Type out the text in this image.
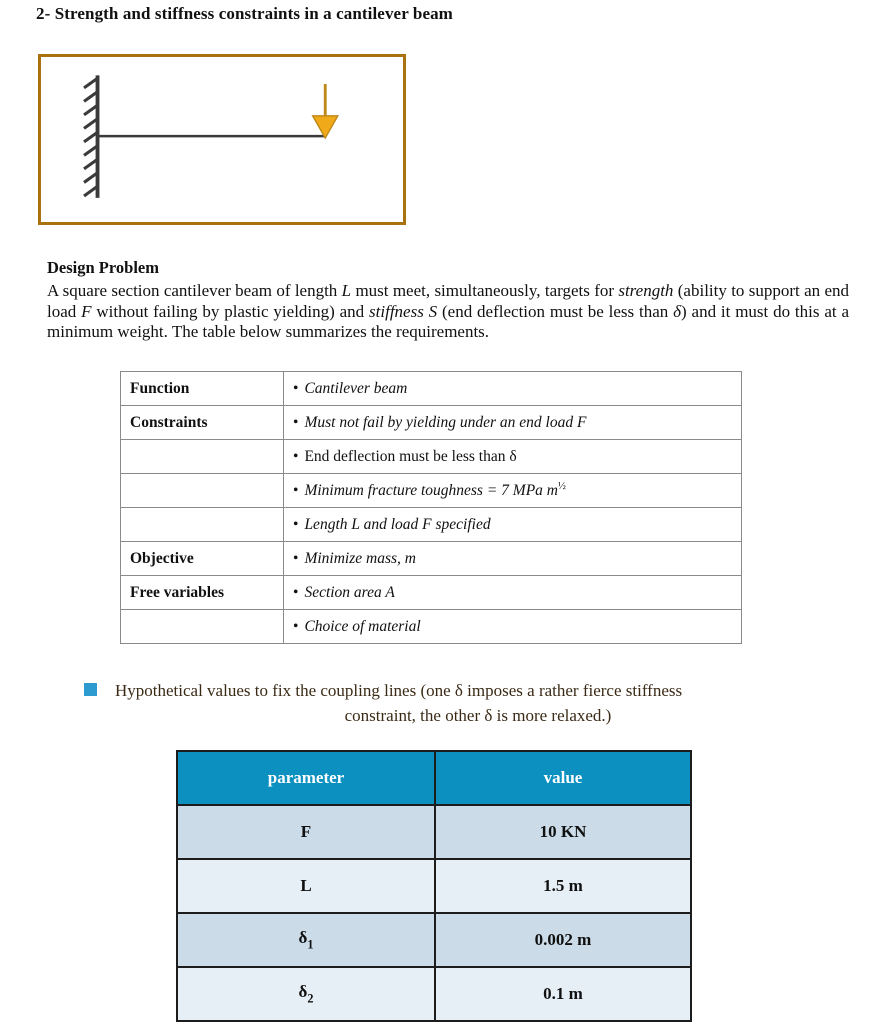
2- Strength and stiffness constraints in a cantilever beam
Design Problem
A square section cantilever beam of length L must meet, simultaneously, targets for strength (ability to support an end load F without failing by plastic yielding) and stiffness S (end deflection must be less than δ) and it must do this at a minimum weight. The table below summarizes the requirements.
Function	• Cantilever beam
Constraints	• Must not fail by yielding under an end load F
	• End deflection must be less than δ
	• Minimum fracture toughness = 7 MPa $m^{\frac{1}{2}}$
	• Length L and load F specified
Objective	• Minimize mass, m
Free variables	• Section area A
	• Choice of material
Hypothetical values to fix the coupling lines (one δ imposes a rather fierce stiffness
constraint, the other δ is more relaxed.)
parameter	value
F	10 KN
L	1.5 m
$\delta_1$	0.002 m
$\delta_2$	0.1 m
